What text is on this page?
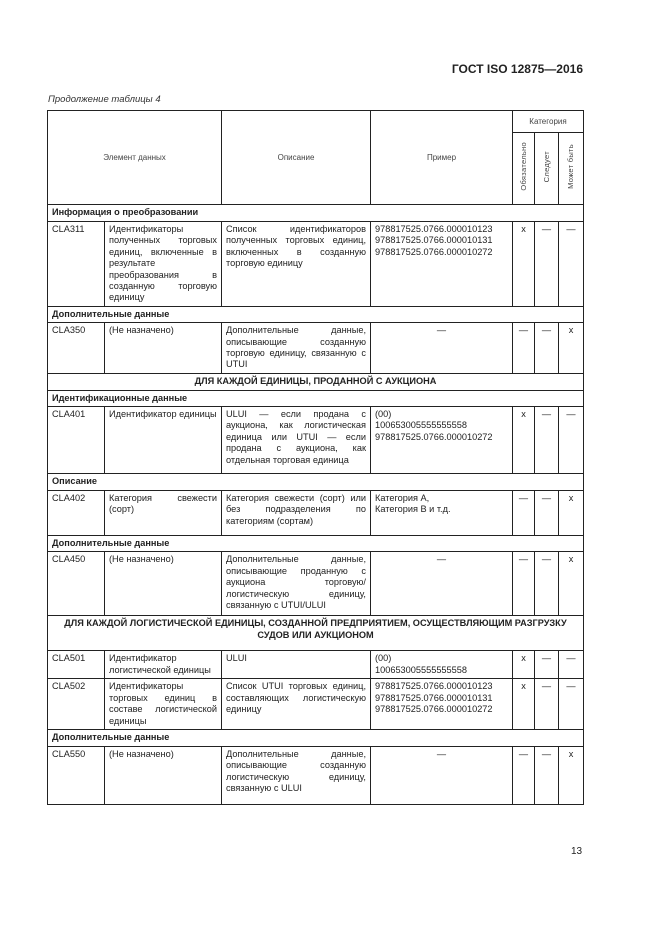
ГОСТ ISO 12875—2016
Продолжение таблицы 4
Элемент данных		Описание	Пример	Категория		
				Обязательно	Следует	Может быть
Информация о преобразовании						
CLA311	Идентификаторы полученных торговых единиц, включенные в результате преобразования в созданную торговую единицу	Список идентификаторов полученных торговых единиц, включенных в созданную торговую единицу	978817525.0766.000010123
978817525.0766.000010131
978817525.0766.000010272	x	—	—
Дополнительные данные						
CLA350	(Не назначено)	Дополнительные данные, описывающие созданную торговую единицу, связанную с UTUI	—	—	—	x
ДЛЯ КАЖДОЙ ЕДИНИЦЫ, ПРОДАННОЙ С АУКЦИОНА						
Идентификационные данные						
CLA401	Идентификатор единицы	ULUI — если продана с аукциона, как логистическая единица или UTUI — если продана с аукциона, как отдельная торговая единица	(00)
100653005555555558
978817525.0766.000010272	x	—	—
Описание						
CLA402	Категория свежести (сорт)	Категория свежести (сорт) или без подразделения по категориям (сортам)	Категория А,
Категория В и т.д.	—	—	x
Дополнительные данные						
CLA450	(Не назначено)	Дополнительные данные, описывающие проданную с аукциона торговую/логистическую единицу, связанную с UTUI/ULUI	—	—	—	x
ДЛЯ КАЖДОЙ ЛОГИСТИЧЕСКОЙ ЕДИНИЦЫ, СОЗДАННОЙ ПРЕДПРИЯТИЕМ, ОСУЩЕСТВЛЯЮЩИМ РАЗГРУЗКУ СУДОВ ИЛИ АУКЦИОНОМ						
CLA501	Идентификатор логистической единицы	ULUI	(00)
100653005555555558	x	—	—
CLA502	Идентификаторы торговых единиц в составе логистической единицы	Список UTUI торговых единиц, составляющих логистическую единицу	978817525.0766.000010123
978817525.0766.000010131
978817525.0766.000010272	x	—	—
Дополнительные данные						
CLA550	(Не назначено)	Дополнительные данные, описывающие созданную логистическую единицу, связанную с ULUI	—	—	—	x
13
